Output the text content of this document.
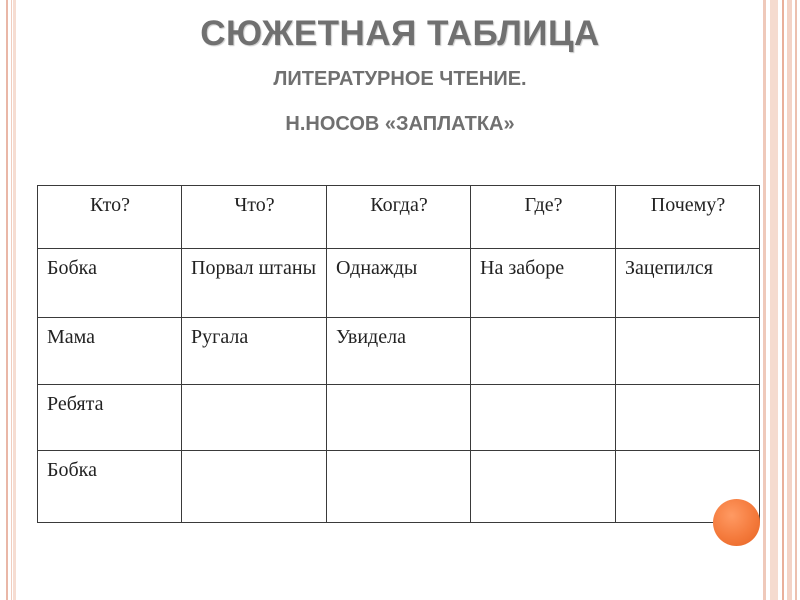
СЮЖЕТНАЯ ТАБЛИЦА
ЛИТЕРАТУРНОЕ ЧТЕНИЕ.
Н.НОСОВ «ЗАПЛАТКА»
Кто?	Что?	Когда?	Где?	Почему?
Бобка	Порвал штаны	Однажды	На заборе	Зацепился
Мама	Ругала	Увидела		
Ребята				
Бобка				
